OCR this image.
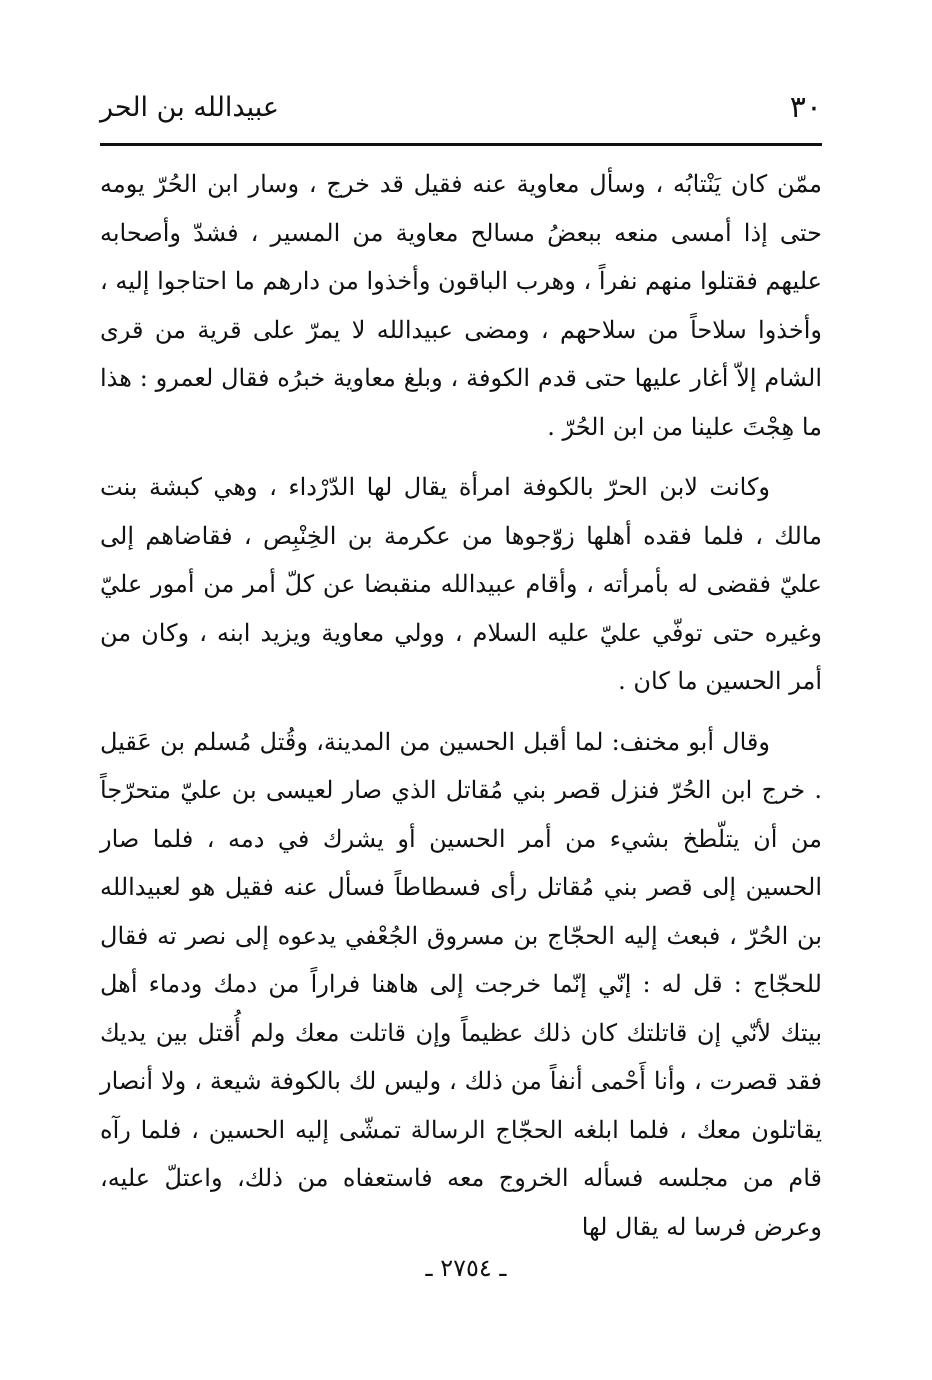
٣٠
عبيدالله بن الحر

ممّن كان يَنْتابُه ، وسأل معاوية عنه فقيل قد خرج ، وسار ابن الحُرّ يومه حتى إذا أمسى منعه ببعضُ مسالح معاوية من المسير ، فشدّ وأصحابه عليهم فقتلوا منهم نفراً ، وهرب الباقون وأخذوا من دارهم ما احتاجوا إليه ، وأخذوا سلاحاً من سلاحهم ، ومضى عبيدالله لا يمرّ على قرية من قرى الشام إلاّ أغار عليها حتى قدم الكوفة ، وبلغ معاوية خبرُه فقال لعمرو : هذا ما هِجْتَ علينا من ابن الحُرّ .

وكانت لابن الحرّ بالكوفة امرأة يقال لها الدّرْداء ، وهي كبشة بنت مالك ، فلما فقده أهلها زوّجوها من عكرمة بن الخِنْبِص ، فقاضاهم إلى عليّ فقضى له بأمرأته ، وأقام عبيدالله منقبضا عن كلّ أمر من أمور عليّ وغيره حتى توفّي عليّ عليه السلام ، وولي معاوية ويزيد ابنه ، وكان من أمر الحسين ما كان .

وقال أبو مخنف: لما أقبل الحسين من المدينة، وقُتل مُسلم بن عَقيل . خرج ابن الحُرّ فنزل قصر بني مُقاتل الذي صار لعيسى بن عليّ متحرّجاً من أن يتلّطخ بشيء من أمر الحسين أو يشرك في دمه ، فلما صار الحسين إلى قصر بني مُقاتل رأى فسطاطاً فسأل عنه فقيل هو لعبيدالله بن الحُرّ ، فبعث إليه الحجّاج بن مسروق الجُعْفي يدعوه إلى نصر ته فقال للحجّاج : قل له : إنّي إنّما خرجت إلى هاهنا فراراً من دمك ودماء أهل بيتك لأنّي إن قاتلتك كان ذلك عظيماً وإن قاتلت معك ولم أُقتل بين يديك فقد قصرت ، وأنا أَحْمى أنفاً من ذلك ، وليس لك بالكوفة شيعة ، ولا أنصار يقاتلون معك ، فلما ابلغه الحجّاج الرسالة تمشّى إليه الحسين ، فلما رآه قام من مجلسه فسأله الخروج معه فاستعفاه من ذلك، واعتلّ عليه، وعرض فرسا له يقال لها

ـ ٢٧٥٤ ـ
